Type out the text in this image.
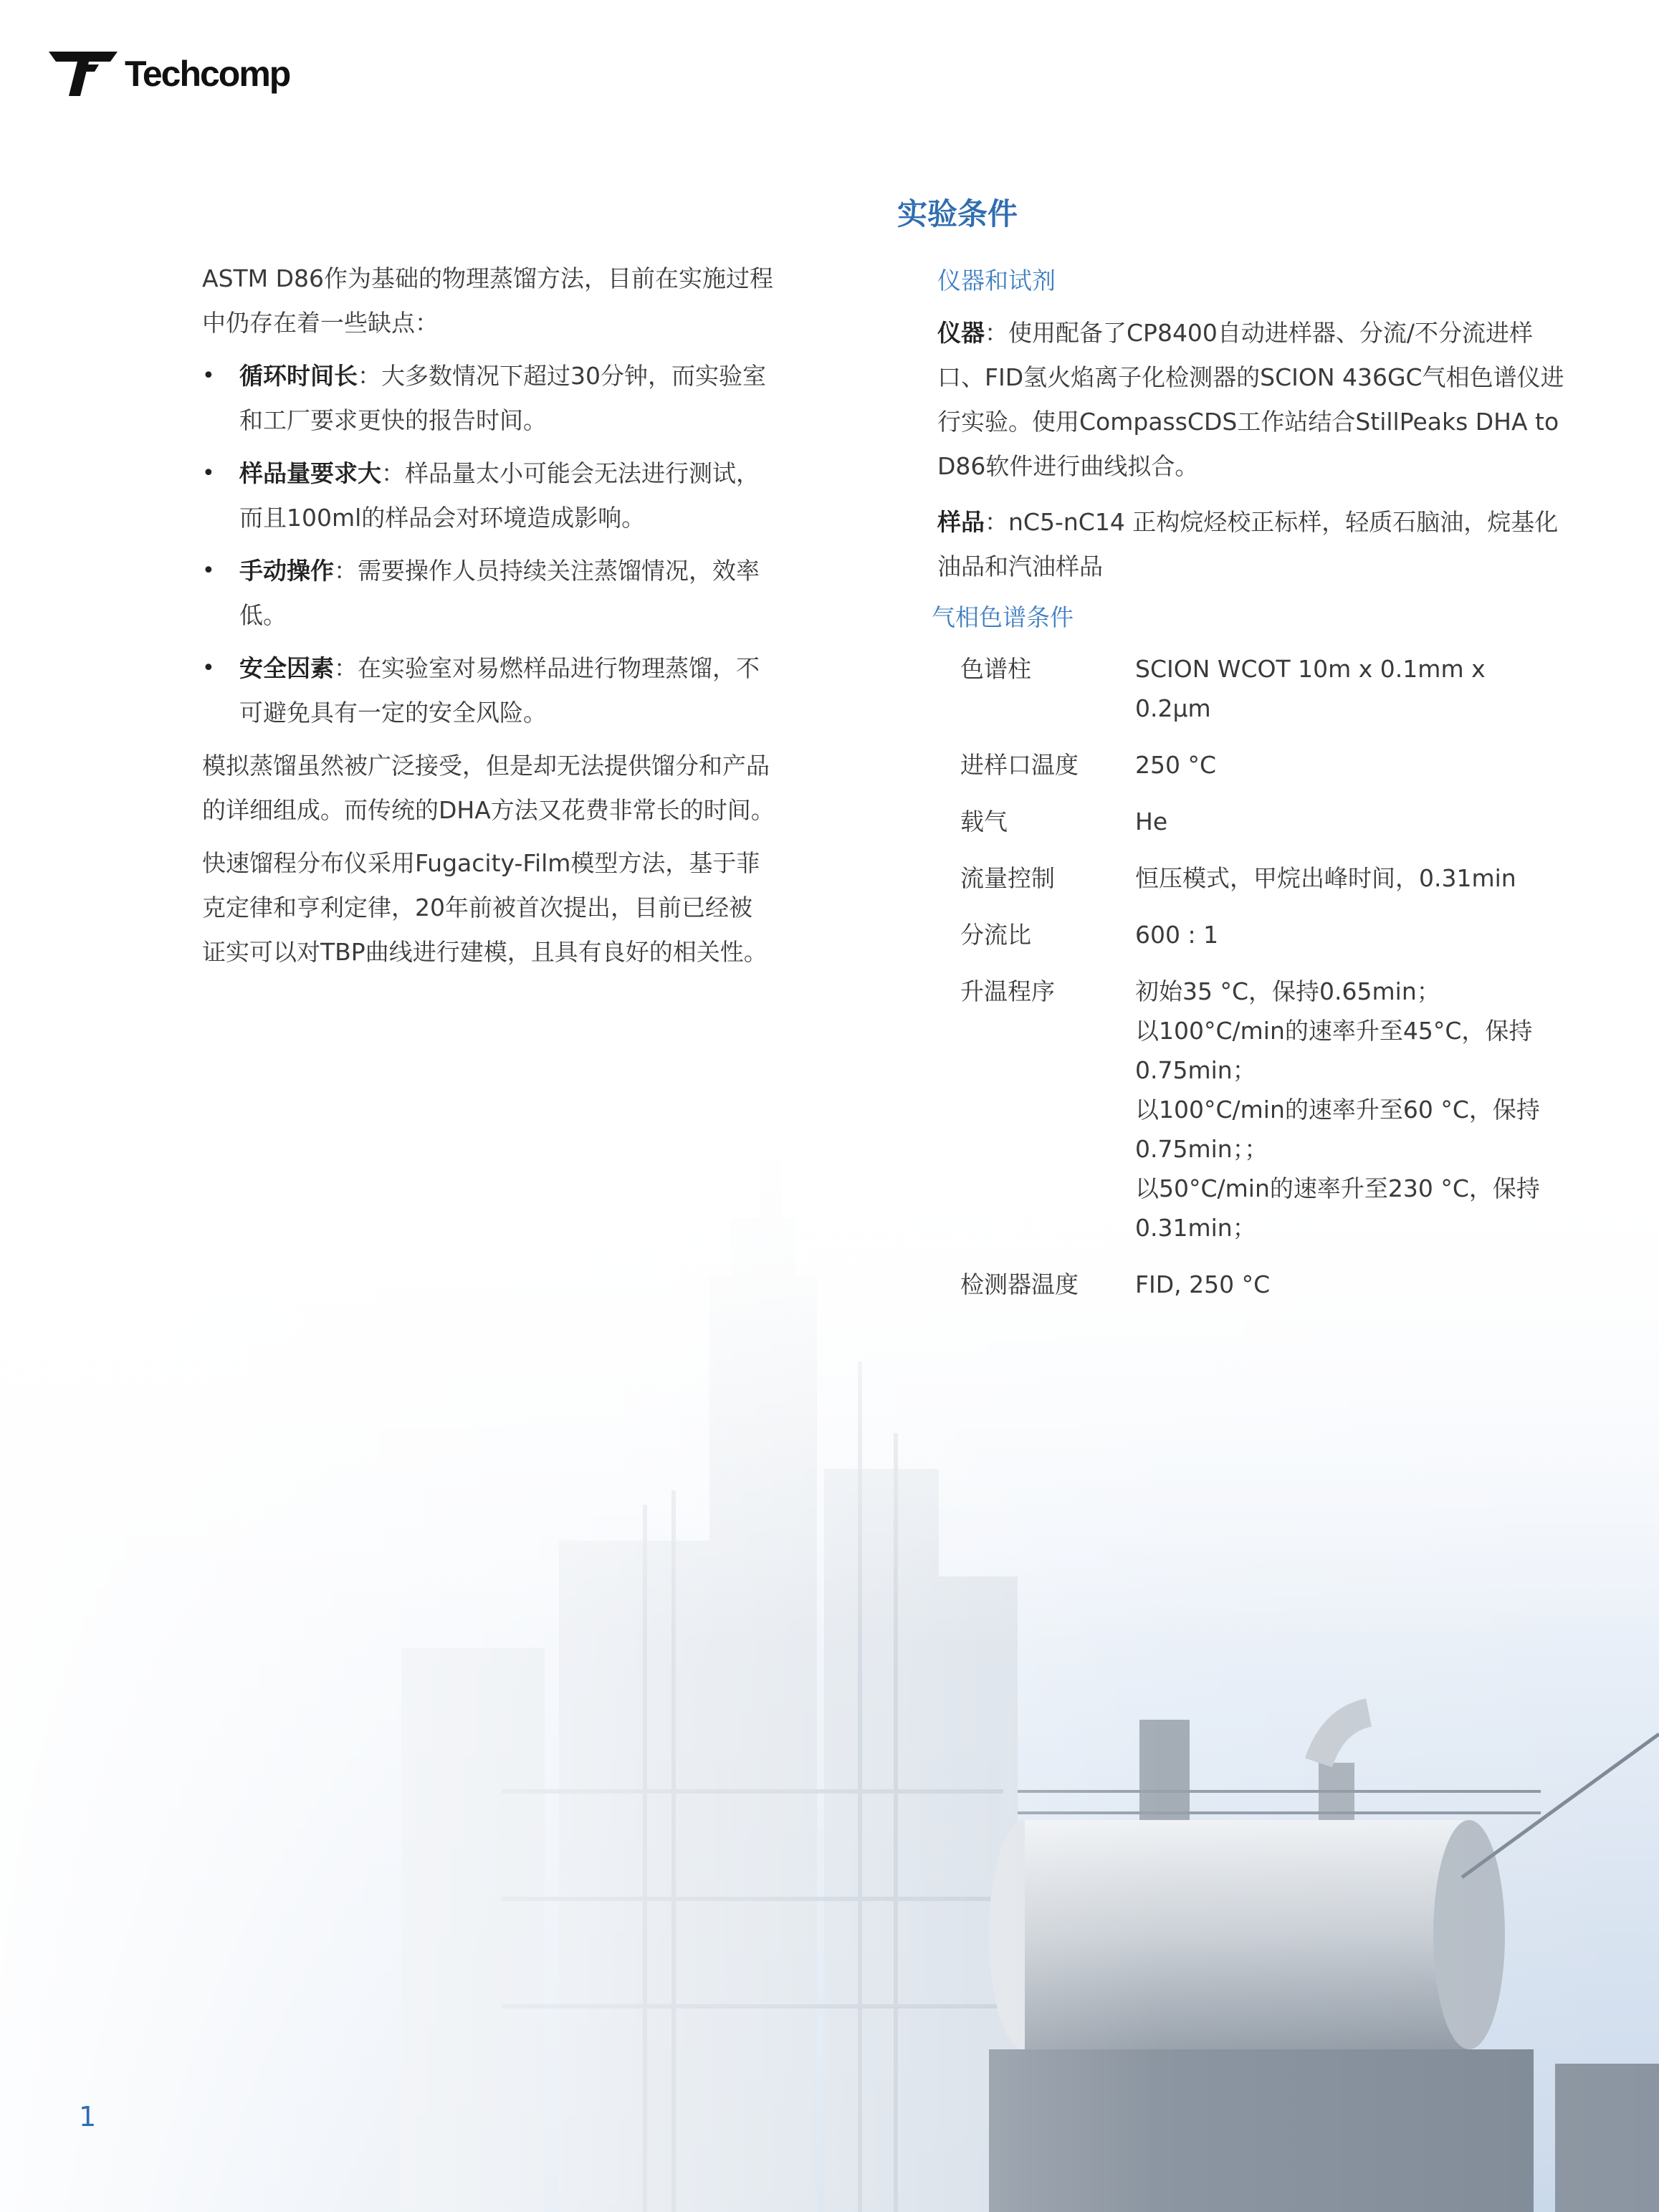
Techcomp

ASTM D86作为基础的物理蒸馏方法，目前在实施过程中仍存在着一些缺点：

• 循环时间长：大多数情况下超过30分钟，而实验室和工厂要求更快的报告时间。
• 样品量要求大：样品量太小可能会无法进行测试， 而且100ml的样品会对环境造成影响。
• 手动操作：需要操作人员持续关注蒸馏情况，效率低。
• 安全因素：在实验室对易燃样品进行物理蒸馏，不可避免具有一定的安全风险。

模拟蒸馏虽然被广泛接受，但是却无法提供馏分和产品的详细组成。而传统的DHA方法又花费非常长的时间。

快速馏程分布仪采用Fugacity-Film模型方法，基于菲克定律和亨利定律，20年前被首次提出，目前已经被证实可以对TBP曲线进行建模，且具有良好的相关性。

实验条件
仪器和试剂

仪器：使用配备了CP8400自动进样器、分流/不分流进样口、FID氢火焰离子化检测器的SCION 436GC气相色谱仪进行实验。使用CompassCDS工作站结合StillPeaks DHA to D86软件进行曲线拟合。

样品：nC5-nC14 正构烷烃校正标样，轻质石脑油，烷基化油品和汽油样品

气相色谱条件
色谱柱	SCION WCOT 10m x 0.1mm x 0.2μm
进样口温度	250 °C
载气	He
流量控制	恒压模式，甲烷出峰时间，0.31min
分流比	600 : 1
升温程序	初始35 °C，保持0.65min；
以100°C/min的速率升至45°C，保持0.75min；
以100°C/min的速率升至60 °C，保持0.75min；；
以50°C/min的速率升至230 °C，保持0.31min；
检测器温度	FID, 250 °C
1
